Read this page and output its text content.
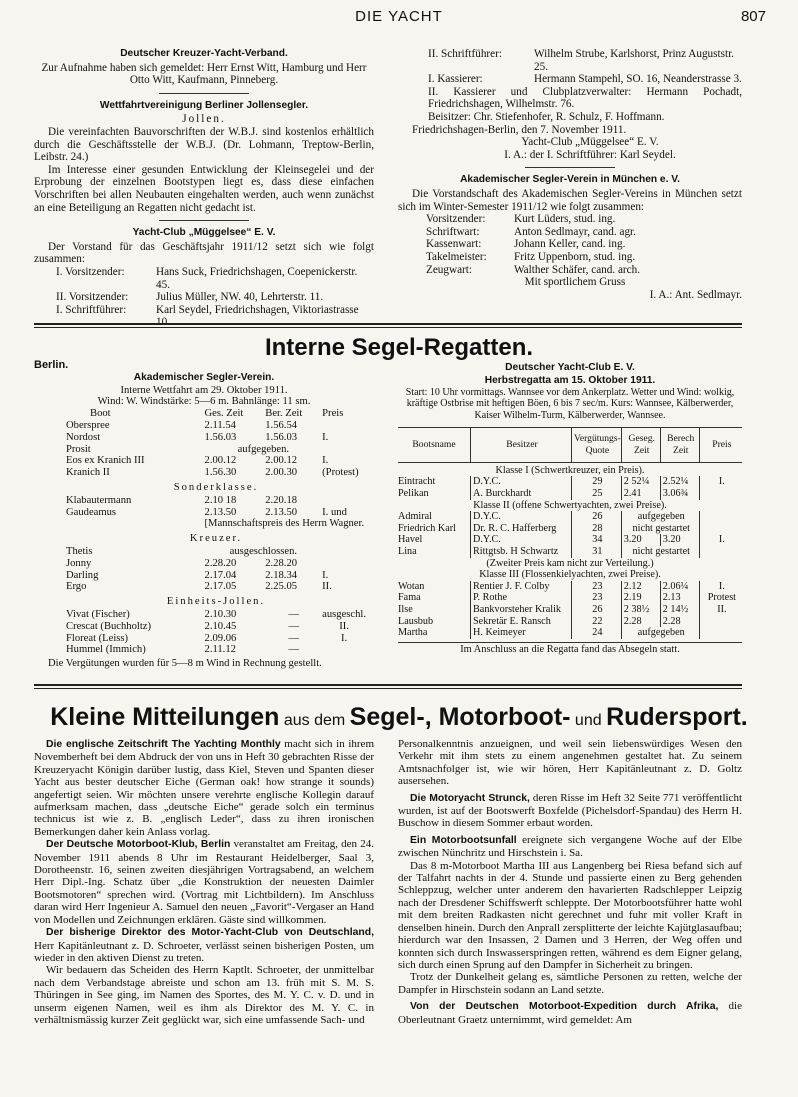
DIE YACHT	807
Deutscher Kreuzer-Yacht-Verband.

Zur Aufnahme haben sich gemeldet: Herr Ernst Witt, Hamburg und Herr Otto Witt, Kaufmann, Pinneberg.

Wettfahrtvereinigung Berliner Jollensegler.
Jollen.

Die vereinfachten Bauvorschriften der W.B.J. sind kostenlos erhältlich durch die Geschäftsstelle der W.B.J. (Dr. Lohmann, Treptow-Berlin, Leibstr. 24.)

Im Interesse einer gesunden Entwicklung der Kleinsegelei und der Erprobung der einzelnen Bootstypen liegt es, dass diese einfachen Vorschriften bei allen Neubauten eingehalten werden, auch wenn zunächst an eine Beteiligung an Regatten nicht gedacht ist.

Yacht-Club „Müggelsee“ E. V.

Der Vorstand für das Geschäftsjahr 1911/12 setzt sich wie folgt zusammen:

I. Vorsitzender:	Hans Suck, Friedrichshagen, Coepenickerstr. 45.
II. Vorsitzender:	Julius Müller, NW. 40, Lehrterstr. 11.
I. Schriftführer:	Karl Seydel, Friedrichshagen, Viktoriastrasse
II. Schriftführer:	Wilhelm Strube, Karlshorst, Prinz Auguststr. 25.
I. Kassierer:	Hermann Stampehl, SO. 16, Neanderstrasse 3.

II. Kassierer und Clubplatzverwalter: Hermann Pochadt, Friedrichshagen, Wilhelmstr. 76.

Beisitzer: Chr. Stiefenhofer, R. Schulz, F. Hoffmann.

Friedrichshagen-Berlin, den 7. November 1911.

Yacht-Club „Müggelsee“ E. V.
I. A.: der I. Schriftführer: Karl Seydel.
Akademischer Segler-Verein in München e. V.

Die Vorstandschaft des Akademischen Segler-Vereins in München setzt sich im Winter-Semester 1911/12 wie folgt zusammen:

Vorsitzender:	Kurt Lüders, stud. ing.
Schriftwart:	Anton Sedlmayr, cand. agr.
Kassenwart:	Johann Keller, cand. ing.
Takelmeister:	Fritz Uppenborn, stud. ing.
Zeugwart:	Walther Schäfer, cand. arch.
Mit sportlichem Gruss
I. A.: Ant. Sedlmayr.
Interne Segel-Regatten.
Berlin.
Akademischer Segler-Verein.
Interne Wettfahrt am 29. Oktober 1911.
Wind: W. Windstärke: 5—6 m. Bahnlänge: 11 sm.
Boot	Ges. Zeit	Ber. Zeit	Preis
Oberspree	2.11.54	1.56.54	
Nordost	1.56.03	1.56.03	I.
Prosit	aufgegeben.		
Eos ex Kranich III	2.00.12	2.00.12	I.
Kranich II	1.56.30	2.00.30	(Protest)
Sonderklasse.			
Klabautermann	2.10 18	2.20.18	
Gaudeamus	2.13.50	2.13.50	I. und
	[Mannschaftspreis des Herrn Wagner.		
Kreuzer.			
Thetis	ausgeschlossen.		
Jonny	2.28.20	2.28.20	
Darling	2.17.04	2.18.34	I.
Ergo	2.17.05	2.25.05	II.
Einheits-Jollen.			
Vivat (Fischer)	2.10.30	—	ausgeschl.
Crescat (Buchholtz)	2.10.45	—	II.
Floreat (Leiss)	2.09.06	—	I.
Hummel (Immich)	2.11.12	—	
Die Vergütungen wurden für 5—8 m Wind in Rechnung gestellt.
Deutscher Yacht-Club E. V.
Herbstregatta am 15. Oktober 1911.
Start: 10 Uhr vormittags. Wannsee vor dem Ankerplatz. Wetter und Wind: wolkig, kräftige Ostbrise mit heftigen Böen, 6 bis 7 sec/m. Kurs: Wannsee, Kälberwerder, Kaiser Wilhelm-Turm, Kälberwerder, Wannsee.
Bootsname	Besitzer	Vergütungs-Quote	Geseg. Zeit	Berech Zeit	Preis
Klasse I (Schwertkreuzer, ein Preis).					
Eintracht	D.Y.C.	29	2 52¼	2.52¼	I.
Pelikan	A. Burckhardt	25	2.41	3.06¾	
Klasse II (offene Schwertyachten, zwei Preise).					
Admiral	D.Y.C.	26	aufgegeben		
Friedrich Karl	Dr. R. C. Hafferberg	28	nicht gestartet		
Havel	D.Y.C.	34	3.20	3.20	I.
Lina	Rittgtsb. H Schwartz	31	nicht gestartet		
(Zweiter Preis kam nicht zur Verteilung.)					
Klasse III (Flossenkielyachten, zwei Preise).					
Wotan	Rentier J. F. Colby	23	2.12	2.06¼	I.
Fama	P. Rothe	23	2.19	2.13	Protest
Ilse	Bankvorsteher Kralik	26	2 38½	2 14½	II.
Lausbub	Sekretär E. Ransch	22	2.28	2.28	
Martha	H. Keimeyer	24	aufgegeben		
Im Anschluss an die Regatta fand das Absegeln statt.
Kleine Mitteilungen aus dem Segel-, Motorboot- und Rudersport.

Die englische Zeitschrift The Yachting Monthly macht sich in ihrem Novemberheft bei dem Abdruck der von uns in Heft 30 gebrachten Risse der Kreuzeryacht Königin darüber lustig, dass Kiel, Steven und Spanten dieser Yacht aus bester deutscher Eiche (German oak! how strange it sounds) angefertigt seien. Wir möchten unsere verehrte englische Kollegin darauf aufmerksam machen, dass „deutsche Eiche“ gerade solch ein terminus technicus ist wie z. B. „englisch Leder“, dass zu ihren ironischen Bemerkungen daher kein Anlass vorlag.

Der Deutsche Motorboot-Klub, Berlin veranstaltet am Freitag, den 24. November 1911 abends 8 Uhr im Restaurant Heidelberger, Saal 3, Dorotheenstr. 16, seinen zweiten diesjährigen Vortragsabend, an welchem Herr Dipl.-Ing. Schatz über „die Konstruktion der neuesten Daimler Bootsmotoren“ sprechen wird. (Vortrag mit Lichtbildern). Im Anschluss daran wird Herr Ingenieur A. Samuel den neuen „Favorit“-Vergaser an Hand von Modellen und Zeichnungen erklären. Gäste sind willkommen.

Der bisherige Direktor des Motor-Yacht-Club von Deutschland, Herr Kapitänleutnant z. D. Schroeter, verlässt seinen bisherigen Posten, um wieder in den aktiven Dienst zu treten.

Wir bedauern das Scheiden des Herrn Kaptlt. Schroeter, der unmittelbar nach dem Verbandstage abreiste und schon am 13. früh mit S. M. S. Thüringen in See ging, im Namen des Sportes, des M. Y. C. v. D. und in unserm eigenen Namen, weil es ihm als Direktor des M. Y. C. in verhältnismässig kurzer Zeit geglückt war, sich eine umfassende Sach- und

Personalkenntnis anzueignen, und weil sein liebenswürdiges Wesen den Verkehr mit ihm stets zu einem angenehmen gestaltet hat. Zu seinem Amtsnachfolger ist, wie wir hören, Herr Kapitänleutnant z. D. Goltz ausersehen.

Die Motoryacht Strunck, deren Risse im Heft 32 Seite 771 veröffentlicht wurden, ist auf der Bootswerft Boxfelde (Pichelsdorf-Spandau) des Herrn H. Buschow in diesem Sommer erbaut worden.

Ein Motorbootsunfall ereignete sich vergangene Woche auf der Elbe zwischen Nünchritz und Hirschstein i. Sa.

Das 8 m-Motorboot Martha III aus Langenberg bei Riesa befand sich auf der Talfahrt nachts in der 4. Stunde und passierte einen zu Berg gehenden Schleppzug, welcher unter anderem den havarierten Radschlepper Leipzig nach der Dresdener Schiffswerft schleppte. Der Motorbootsführer hatte wohl mit dem breiten Radkasten nicht gerechnet und fuhr mit voller Kraft in denselben hinein. Durch den Anprall zersplitterte der leichte Kajütglasaufbau; hierdurch war den Insassen, 2 Damen und 3 Herren, der Weg offen und konnten sich durch Inswasserspringen retten, während es dem Eigner gelang, sich durch einen Sprung auf den Dampfer in Sicherheit zu bringen.

Trotz der Dunkelheit gelang es, sämtliche Personen zu retten, welche der Dampfer in Hirschstein sodann an Land setzte.

Von der Deutschen Motorboot-Expedition durch Afrika, die Oberleutnant Graetz unternimmt, wird gemeldet: Am
